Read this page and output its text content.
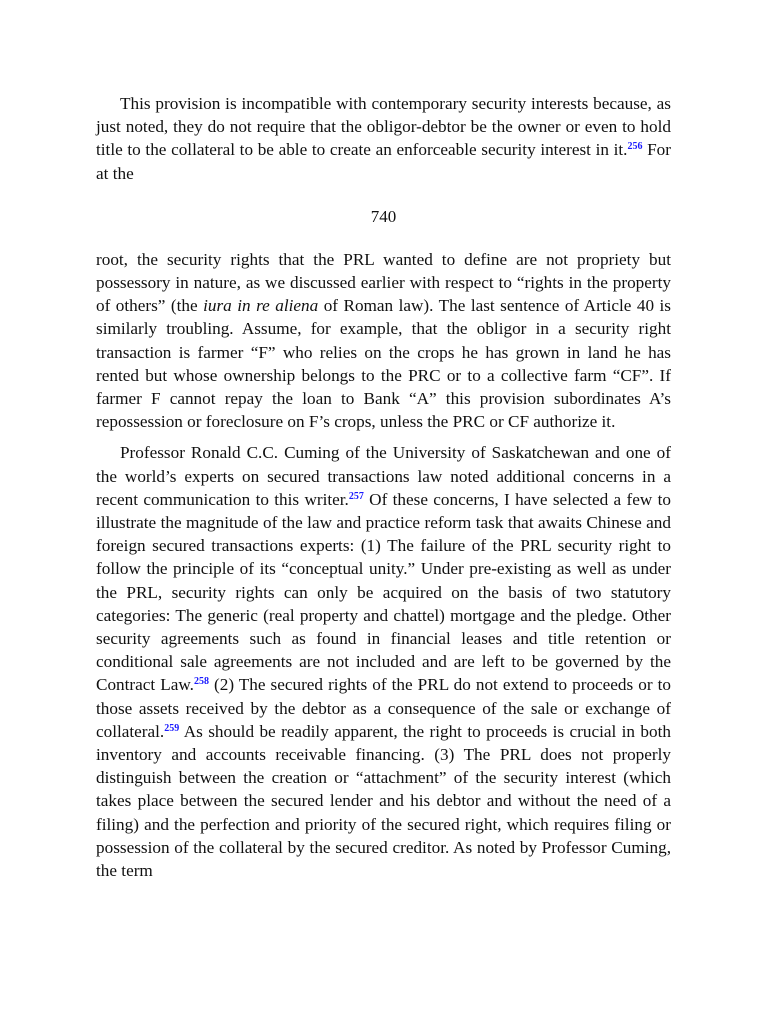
This provision is incompatible with contemporary security interests because, as just noted, they do not require that the obligor-debtor be the owner or even to hold title to the collateral to be able to create an enforceable security interest in it.$^{256}$ For at the

740

root, the security rights that the PRL wanted to define are not propriety but possessory in nature, as we discussed earlier with respect to “rights in the property of others” (the iura in re aliena of Roman law). The last sentence of Article 40 is similarly troubling. Assume, for example, that the obligor in a security right transaction is farmer “F” who relies on the crops he has grown in land he has rented but whose ownership belongs to the PRC or to a collective farm “CF”. If farmer F cannot repay the loan to Bank “A” this provision subordinates A’s repossession or foreclosure on F’s crops, unless the PRC or CF authorize it.

Professor Ronald C.C. Cuming of the University of Saskatchewan and one of the world’s experts on secured transactions law noted additional concerns in a recent communication to this writer.$^{257}$ Of these concerns, I have selected a few to illustrate the magnitude of the law and practice reform task that awaits Chinese and foreign secured transactions experts: (1) The failure of the PRL security right to follow the principle of its “conceptual unity.” Under pre-existing as well as under the PRL, security rights can only be acquired on the basis of two statutory categories: The generic (real property and chattel) mortgage and the pledge. Other security agreements such as found in financial leases and title retention or conditional sale agreements are not included and are left to be governed by the Contract Law.$^{258}$ (2) The secured rights of the PRL do not extend to proceeds or to those assets received by the debtor as a consequence of the sale or exchange of collateral.$^{259}$ As should be readily apparent, the right to proceeds is crucial in both inventory and accounts receivable financing. (3) The PRL does not properly distinguish between the creation or “attachment” of the security interest (which takes place between the secured lender and his debtor and without the need of a filing) and the perfection and priority of the secured right, which requires filing or possession of the collateral by the secured creditor. As noted by Professor Cuming, the term
